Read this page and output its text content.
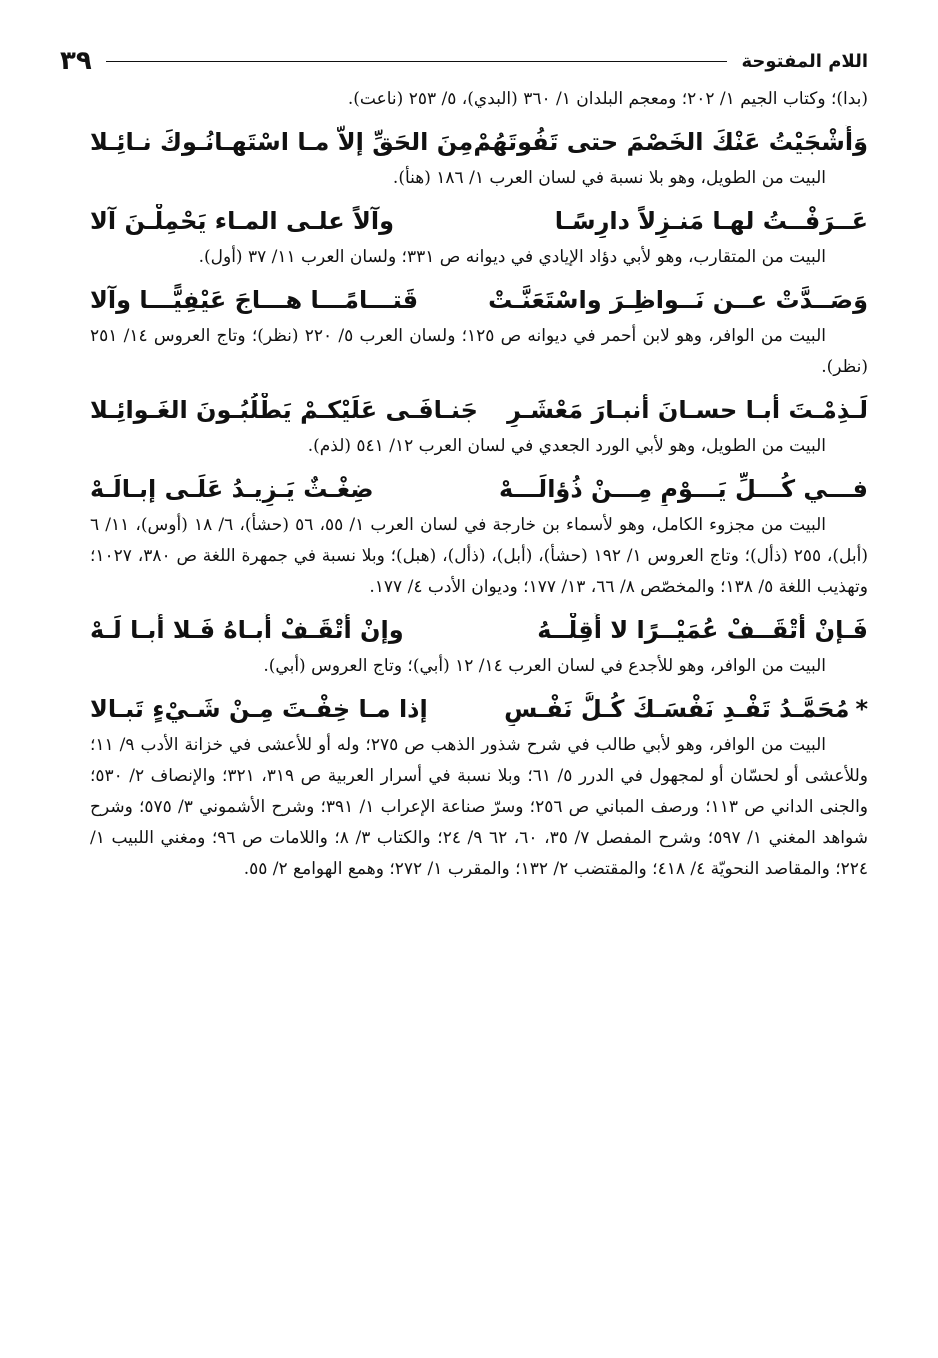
اللام المفتوحة
٣٩

(بدا)؛ وكتاب الجيم ١/ ٢٠٢؛ ومعجم البلدان ١/ ٣٦٠ (البدي)، ٥/ ٢٥٣ (ناعت).

وَأَشْجَيْتُ عَنْكَ الخَصْمَ حتى تَفُوتَهُمْ
مِنَ الحَقِّ إلاّ مـا اسْتَهـانُـوكَ نـائِـلا

البيت من الطويل، وهو بلا نسبة في لسان العرب ١/ ١٨٦ (هنأ).

عَــرَفْــتُ لهـا مَنـزِلاً دارِسًـا
وآلاً علـى المـاء يَحْمِلْـنَ آلا

البيت من المتقارب، وهو لأبي دؤاد الإيادي في ديوانه ص ٣٣١؛ ولسان العرب ١١/ ٣٧ (أول).

وَصَــدَّتْ عــن نَــواظِـرَ واسْتَعَنَّـتْ
قَتـــامًـــا هـــاجَ عَيْفِيًّـــا وآلا

البيت من الوافر، وهو لابن أحمر في ديوانه ص ١٢٥؛ ولسان العرب ٥/ ٢٢٠ (نظر)؛ وتاج العروس ١٤/ ٢٥١ (نظر).

لَـذِمْـتَ أبـا حسـانَ أنبـارَ مَعْشَـرٍ
جَنـافَـى عَلَيْكـمْ يَطْلُبُـونَ الغَـوائِـلا

البيت من الطويل، وهو لأبي الورد الجعدي في لسان العرب ١٢/ ٥٤١ (لذم).

فـــي كُـــلِّ يَـــوْمٍ مِـــنْ ذُؤالَـــهْ
ضِغْـثٌ يَـزِيـدُ عَلَـى إبـالَـهْ

البيت من مجزوء الكامل، وهو لأسماء بن خارجة في لسان العرب ١/ ٥٥، ٥٦ (حشأ)، ٦/ ١٨ (أوس)، ١١/ ٦ (أبل)، ٢٥٥ (ذأل)؛ وتاج العروس ١/ ١٩٢ (حشأ)، (أبل)، (ذأل)، (هبل)؛ وبلا نسبة في جمهرة اللغة ص ٣٨٠، ١٠٢٧؛ وتهذيب اللغة ٥/ ١٣٨؛ والمخصّص ٨/ ٦٦، ١٣/ ١٧٧؛ وديوان الأدب ٤/ ١٧٧.

فَـإنْ أَتْقَــفْ عُمَيْــرًا لا أُقِلْــهُ
وإنْ أَتْقَـفْ أَبـاهُ فَـلا أَبـا لَـهْ

البيت من الوافر، وهو للأجدع في لسان العرب ١٤/ ١٢ (أبي)؛ وتاج العروس (أبي).

*مُحَمَّـدُ تَفْـدِ نَفْسَـكَ كُـلُّ نَفْـسٍ
إذا مـا خِفْـتَ مِـنْ شَـيْءٍ تَبـالا

البيت من الوافر، وهو لأبي طالب في شرح شذور الذهب ص ٢٧٥؛ وله أو للأعشى في خزانة الأدب ٩/ ١١؛ وللأعشى أو لحسّان أو لمجهول في الدرر ٥/ ٦١؛ وبلا نسبة في أسرار العربية ص ٣١٩، ٣٢١؛ والإنصاف ٢/ ٥٣٠؛ والجنى الداني ص ١١٣؛ ورصف المباني ص ٢٥٦؛ وسرّ صناعة الإعراب ١/ ٣٩١؛ وشرح الأشموني ٣/ ٥٧٥؛ وشرح شواهد المغني ١/ ٥٩٧؛ وشرح المفصل ٧/ ٣٥، ٦٠، ٦٢ ٩/ ٢٤؛ والكتاب ٣/ ٨؛ واللامات ص ٩٦؛ ومغني اللبيب ١/ ٢٢٤؛ والمقاصد النحويّة ٤/ ٤١٨؛ والمقتضب ٢/ ١٣٢؛ والمقرب ١/ ٢٧٢؛ وهمع الهوامع ٢/ ٥٥.
